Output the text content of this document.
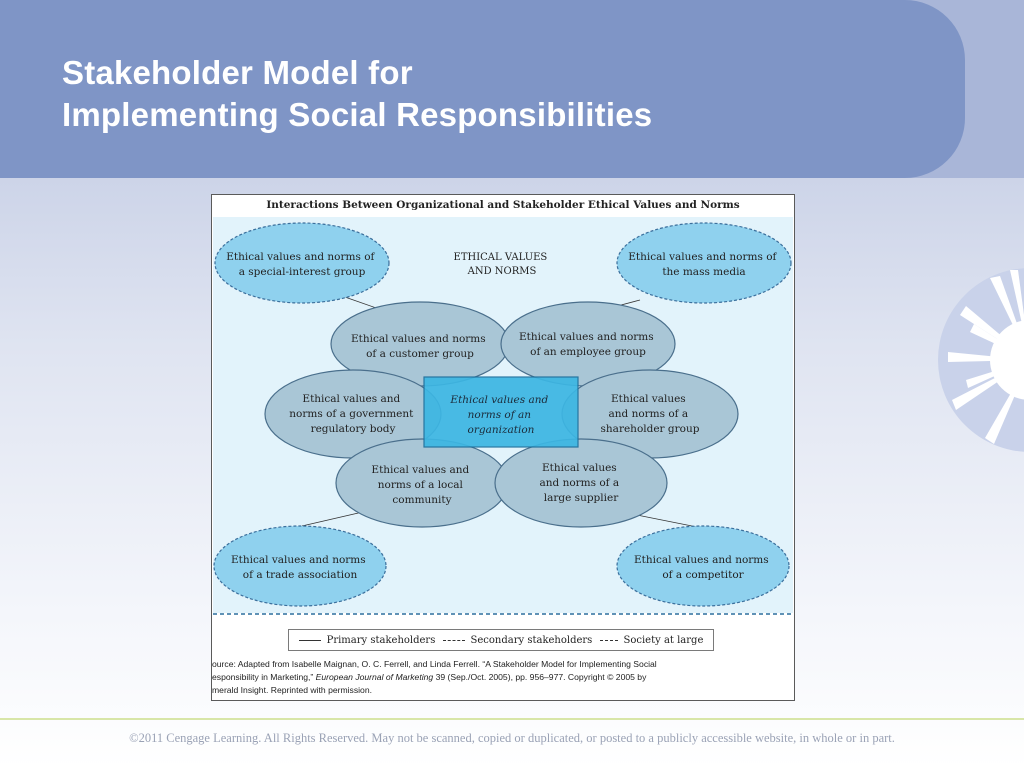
Stakeholder Model for
Implementing Social Responsibilities
Interactions Between Organizational and Stakeholder Ethical Values and Norms
Ethical values and norms of a special-interest group
Ethical values and norms of the mass media
Ethical values and norms of a trade association
Ethical values and norms of a competitor
ETHICAL VALUES AND NORMS
Ethical values and norms of a customer group
Ethical values and norms of an employee group
Ethical values and norms of a government regulatory body
Ethical values and norms of a shareholder group
Ethical values and norms of a local community
Ethical values and norms of a large supplier
Ethical values and norms of an organization
Primary stakeholders	Secondary stakeholders	Society at large

ource: Adapted from Isabelle Maignan, O. C. Ferrell, and Linda Ferrell. “A Stakeholder Model for Implementing Social

esponsibility in Marketing,” European Journal of Marketing 39 (Sep./Oct. 2005), pp. 956–977. Copyright © 2005 by

merald Insight. Reprinted with permission.

©2011 Cengage Learning. All Rights Reserved. May not be scanned, copied or duplicated, or posted to a publicly accessible website, in whole or in part.
